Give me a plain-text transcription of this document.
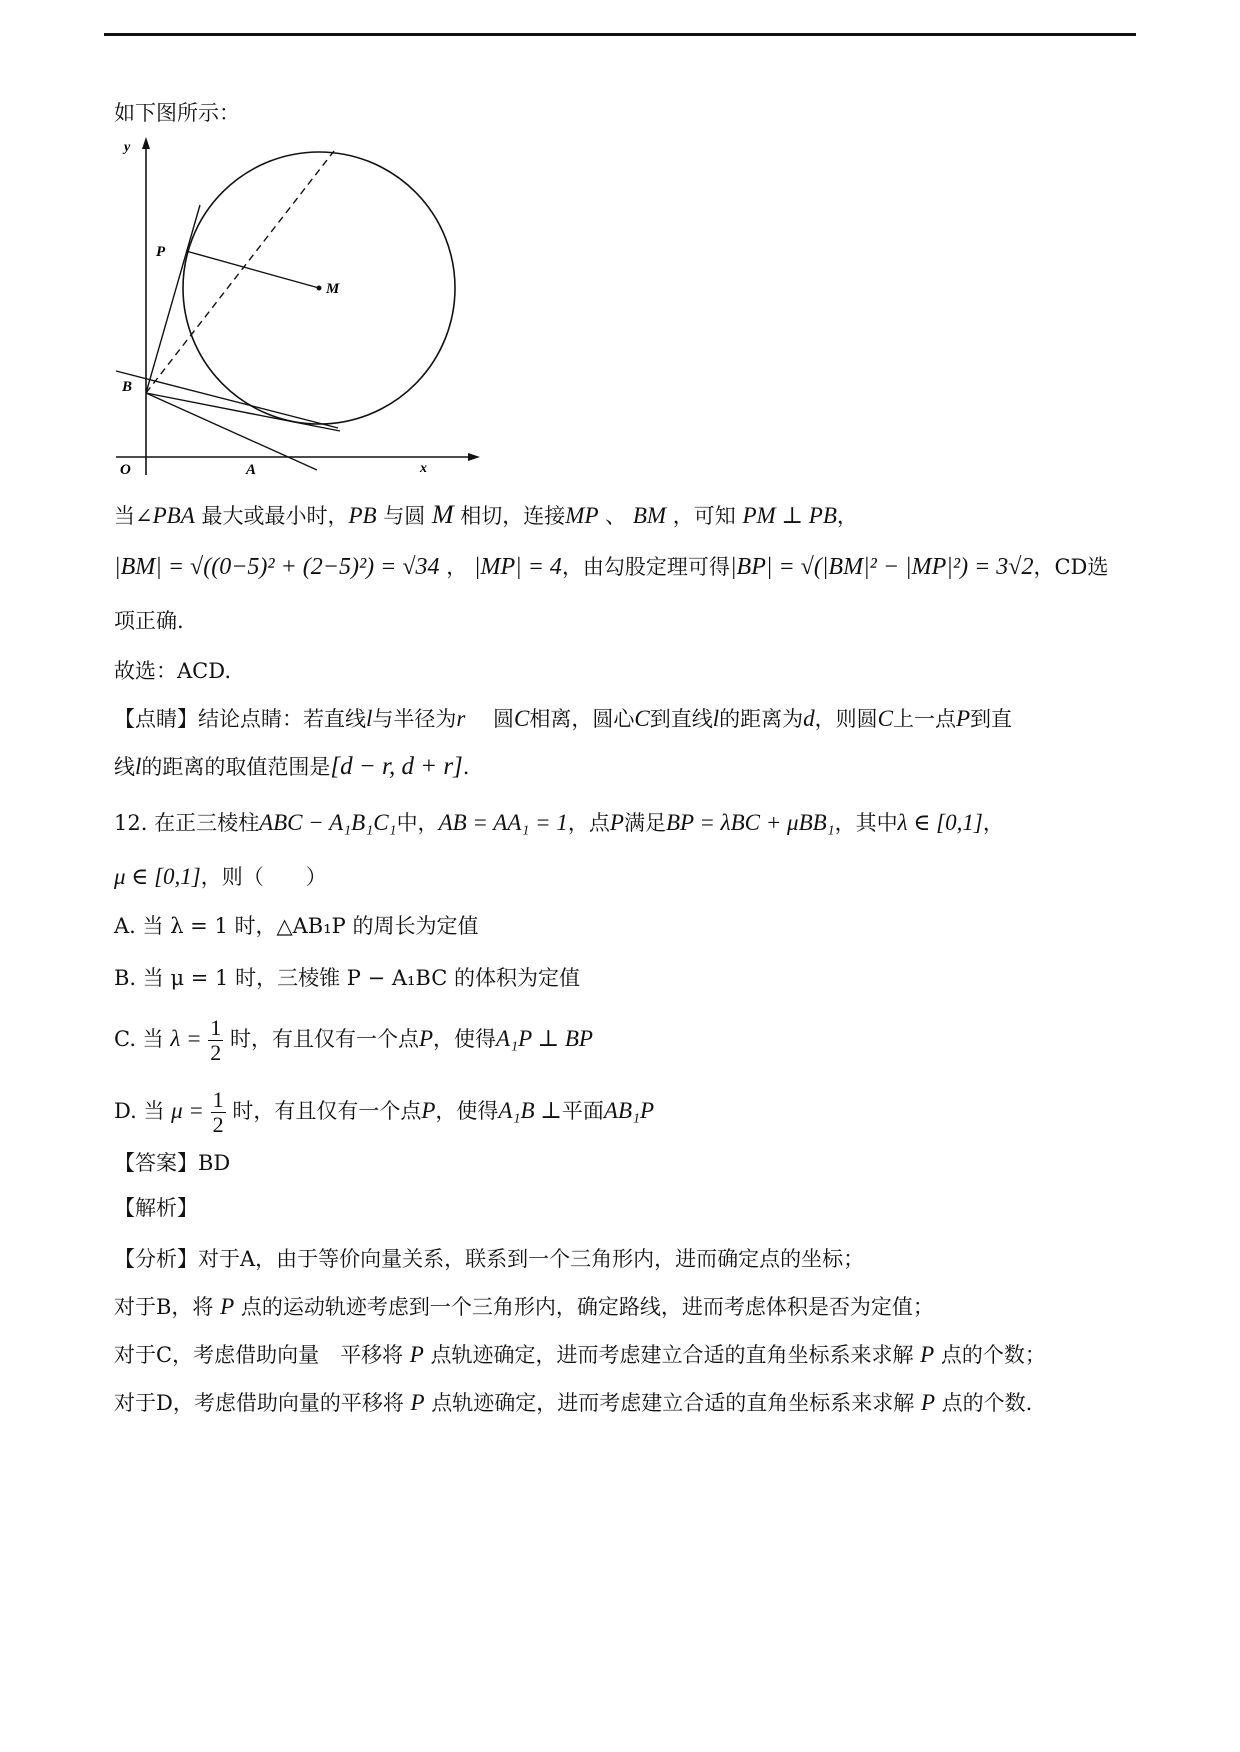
如下图所示：
y
x
O
P
M
B
A
当∠PBA 最大或最小时，PB 与圆 M 相切，连接MP 、 BM ，可知 PM ⊥ PB，
|BM| = √((0−5)² + (2−5)²) = √34 ， |MP| = 4，由勾股定理可得|BP| = √(|BM|² − |MP|²) = 3√2，CD选
项正确.
故选：ACD.
【点睛】结论点睛：若直线l与半径为r　 圆C相离，圆心C到直线l的距离为d，则圆C上一点P到直
线l的距离的取值范围是[d − r, d + r].
12. 在正三棱柱ABC − A₁B₁C₁中，AB = AA₁ = 1，点P满足BP = λBC + μBB₁，其中λ ∈ [0,1]，
μ ∈ [0,1]，则（　　）
A. 当 λ = 1 时，△AB₁P 的周长为定值
B. 当 μ = 1 时，三棱锥 P − A₁BC 的体积为定值
C. 当 $\lambda = \frac{1}{2}$ 时，有且仅有一个点P，使得A₁P ⊥ BP
D. 当 $\mu = \frac{1}{2}$ 时，有且仅有一个点P，使得A₁B ⊥平面AB₁P
【答案】BD
【解析】
【分析】对于A，由于等价向量关系，联系到一个三角形内，进而确定点的坐标；
对于B，将 P 点的运动轨迹考虑到一个三角形内，确定路线，进而考虑体积是否为定值；
对于C，考虑借助向量　平移将 P 点轨迹确定，进而考虑建立合适的直角坐标系来求解 P 点的个数；
对于D，考虑借助向量的平移将 P 点轨迹确定，进而考虑建立合适的直角坐标系来求解 P 点的个数.
